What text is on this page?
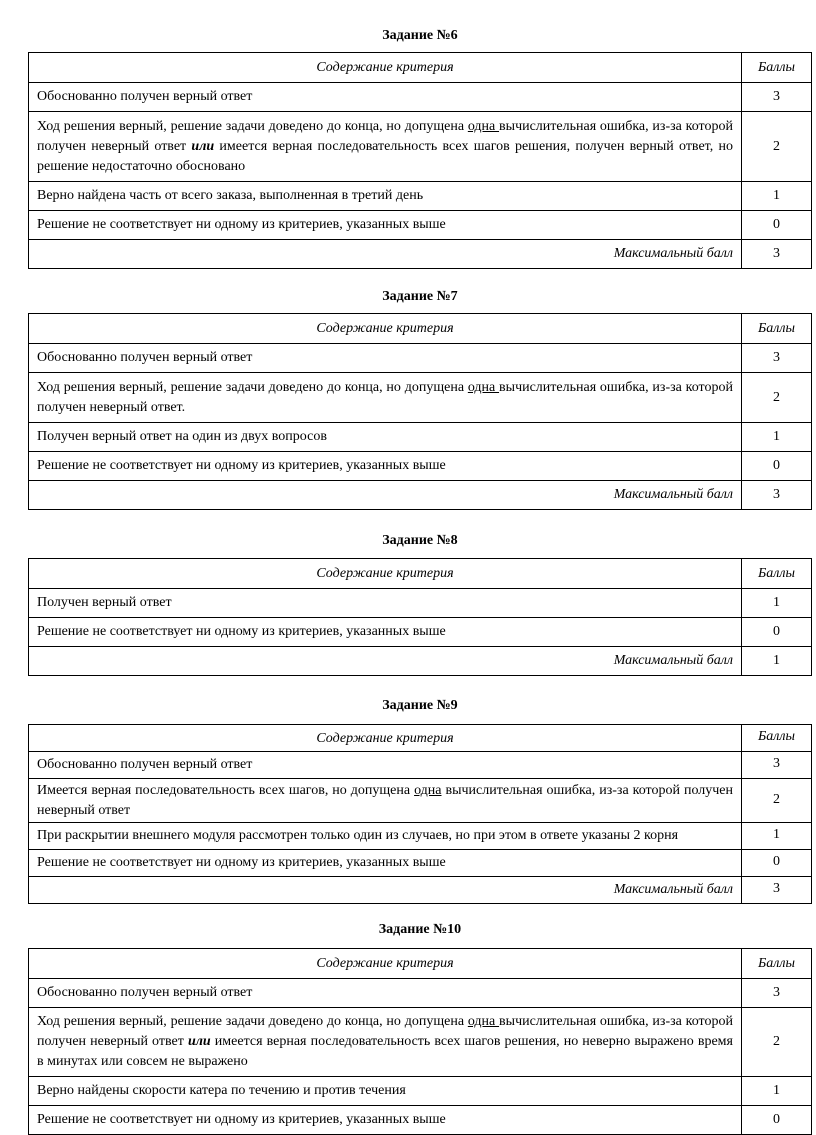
Задание №6
Содержание критерия	Баллы
Обоснованно получен верный ответ	3
Ход решения верный, решение задачи доведено до конца, но допущена одна вычислительная ошибка, из-за которой получен неверный ответ или имеется верная последовательность всех шагов решения, получен верный ответ, но решение недостаточно обосновано	2
Верно найдена часть от всего заказа, выполненная в третий день	1
Решение не соответствует ни одному из критериев, указанных выше	0
Максимальный балл	3
Задание №7
Содержание критерия	Баллы
Обоснованно получен верный ответ	3
Ход решения верный, решение задачи доведено до конца, но допущена одна вычислительная ошибка, из-за которой получен неверный ответ.	2
Получен верный ответ на один из двух вопросов	1
Решение не соответствует ни одному из критериев, указанных выше	0
Максимальный балл	3
Задание №8
Содержание критерия	Баллы
Получен верный ответ	1
Решение не соответствует ни одному из критериев, указанных выше	0
Максимальный балл	1
Задание №9
Содержание критерия	Баллы
Обоснованно получен верный ответ	3
Имеется верная последовательность всех шагов, но допущена одна вычислительная ошибка, из-за которой получен неверный ответ	2
При раскрытии внешнего модуля рассмотрен только один из случаев, но при этом в ответе указаны 2 корня	1
Решение не соответствует ни одному из критериев, указанных выше	0
Максимальный балл	3
Задание №10
Содержание критерия	Баллы
Обоснованно получен верный ответ	3
Ход решения верный, решение задачи доведено до конца, но допущена одна вычислительная ошибка, из-за которой получен неверный ответ или имеется верная последовательность всех шагов решения, но неверно выражено время в минутах или совсем не выражено	2
Верно найдены скорости катера по течению и против течения	1
Решение не соответствует ни одному из критериев, указанных выше	0
